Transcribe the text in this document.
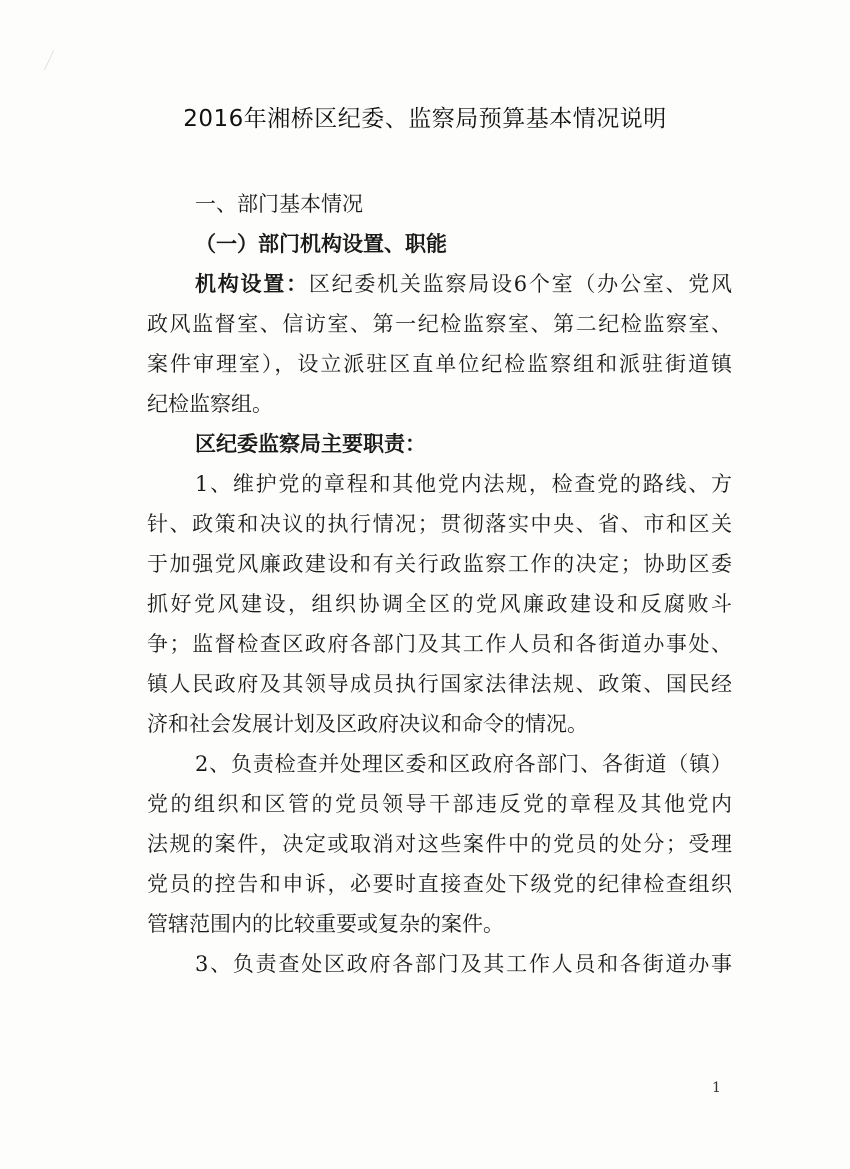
2016年湘桥区纪委、监察局预算基本情况说明
一、部门基本情况
（一）部门机构设置、职能
机构设置：区纪委机关监察局设6个室（办公室、党风
政风监督室、信访室、第一纪检监察室、第二纪检监察室、
案件审理室），设立派驻区直单位纪检监察组和派驻街道镇
纪检监察组。
区纪委监察局主要职责：
1、维护党的章程和其他党内法规，检查党的路线、方
针、政策和决议的执行情况；贯彻落实中央、省、市和区关
于加强党风廉政建设和有关行政监察工作的决定；协助区委
抓好党风建设，组织协调全区的党风廉政建设和反腐败斗
争；监督检查区政府各部门及其工作人员和各街道办事处、
镇人民政府及其领导成员执行国家法律法规、政策、国民经
济和社会发展计划及区政府决议和命令的情况。
2、负责检查并处理区委和区政府各部门、各街道（镇）
党的组织和区管的党员领导干部违反党的章程及其他党内
法规的案件，决定或取消对这些案件中的党员的处分；受理
党员的控告和申诉，必要时直接查处下级党的纪律检查组织
管辖范围内的比较重要或复杂的案件。
3、负责查处区政府各部门及其工作人员和各街道办事
1
